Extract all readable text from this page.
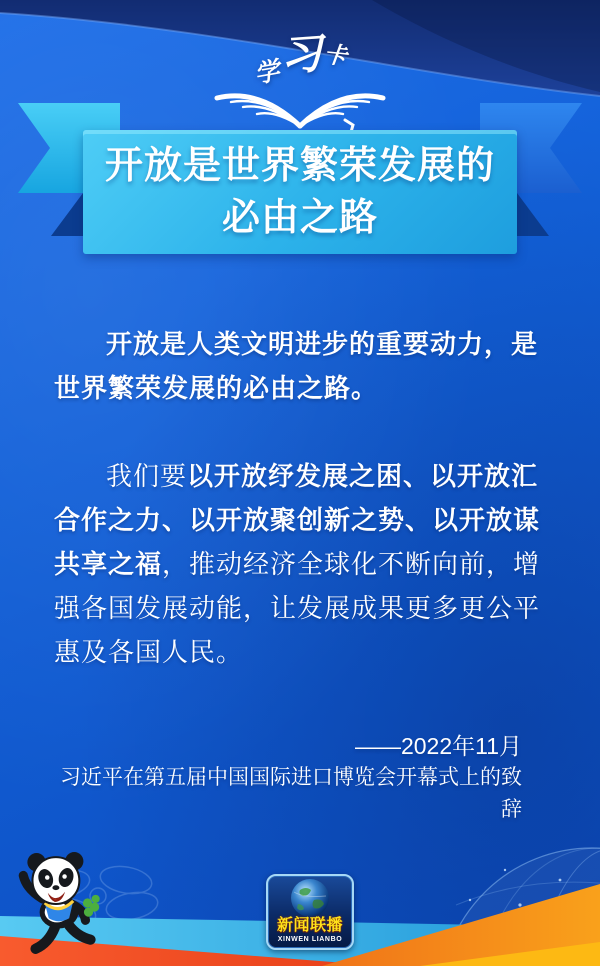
学
习
卡
开放是世界繁荣发展的
必由之路

开放是人类文明进步的重要动力，是世界繁荣发展的必由之路。

我们要以开放纾发展之困、以开放汇合作之力、以开放聚创新之势、以开放谋共享之福，推动经济全球化不断向前，增强各国发展动能，让发展成果更多更公平惠及各国人民。

——2022年11月
习近平在第五届中国国际进口博览会开幕式上的致辞
新闻联播
XINWEN LIANBO
